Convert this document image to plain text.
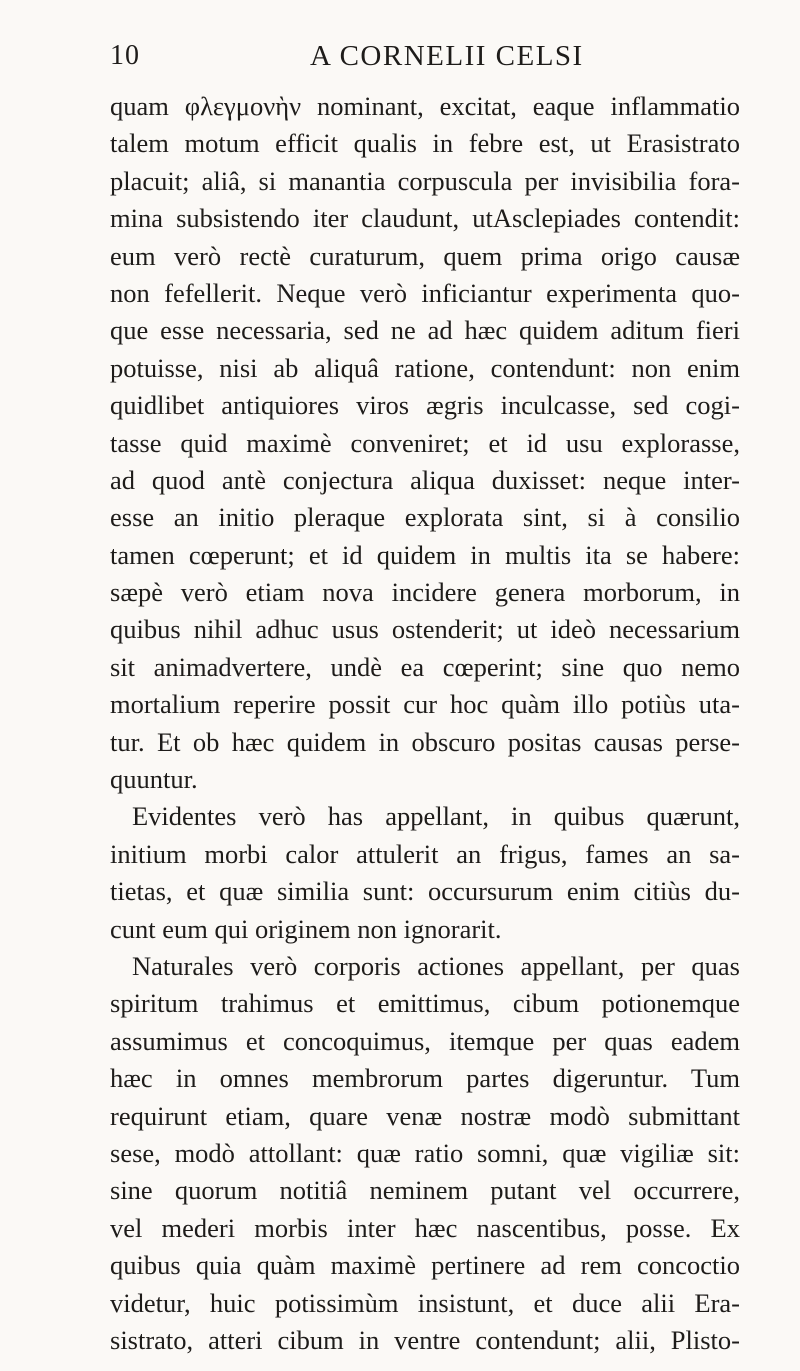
10	A CORNELII CELSI
quam φλεγμονὴν nominant, excitat, eaque inflammatio
talem motum efficit qualis in febre est, ut Erasistrato
placuit; aliâ, si manantia corpuscula per invisibilia fora-
mina subsistendo iter claudunt, utAsclepiades contendit:
eum verò rectè curaturum, quem prima origo causæ
non fefellerit. Neque verò inficiantur experimenta quo-
que esse necessaria, sed ne ad hæc quidem aditum fieri
potuisse, nisi ab aliquâ ratione, contendunt: non enim
quidlibet antiquiores viros ægris inculcasse, sed cogi-
tasse quid maximè conveniret; et id usu explorasse,
ad quod antè conjectura aliqua duxisset: neque inter-
esse an initio pleraque explorata sint, si à consilio
tamen cœperunt; et id quidem in multis ita se habere:
sæpè verò etiam nova incidere genera morborum, in
quibus nihil adhuc usus ostenderit; ut ideò necessarium
sit animadvertere, undè ea cœperint; sine quo nemo
mortalium reperire possit cur hoc quàm illo potiùs uta-
tur. Et ob hæc quidem in obscuro positas causas perse-
quuntur.
Evidentes verò has appellant, in quibus quærunt,
initium morbi calor attulerit an frigus, fames an sa-
tietas, et quæ similia sunt: occursurum enim citiùs du-
cunt eum qui originem non ignorarit.
Naturales verò corporis actiones appellant, per quas
spiritum trahimus et emittimus, cibum potionemque
assumimus et concoquimus, itemque per quas eadem
hæc in omnes membrorum partes digeruntur. Tum
requirunt etiam, quare venæ nostræ modò submittant
sese, modò attollant: quæ ratio somni, quæ vigiliæ sit:
sine quorum notitiâ neminem putant vel occurrere,
vel mederi morbis inter hæc nascentibus, posse. Ex
quibus quia quàm maximè pertinere ad rem concoctio
videtur, huic potissimùm insistunt, et duce alii Era-
sistrato, atteri cibum in ventre contendunt; alii, Plisto-
